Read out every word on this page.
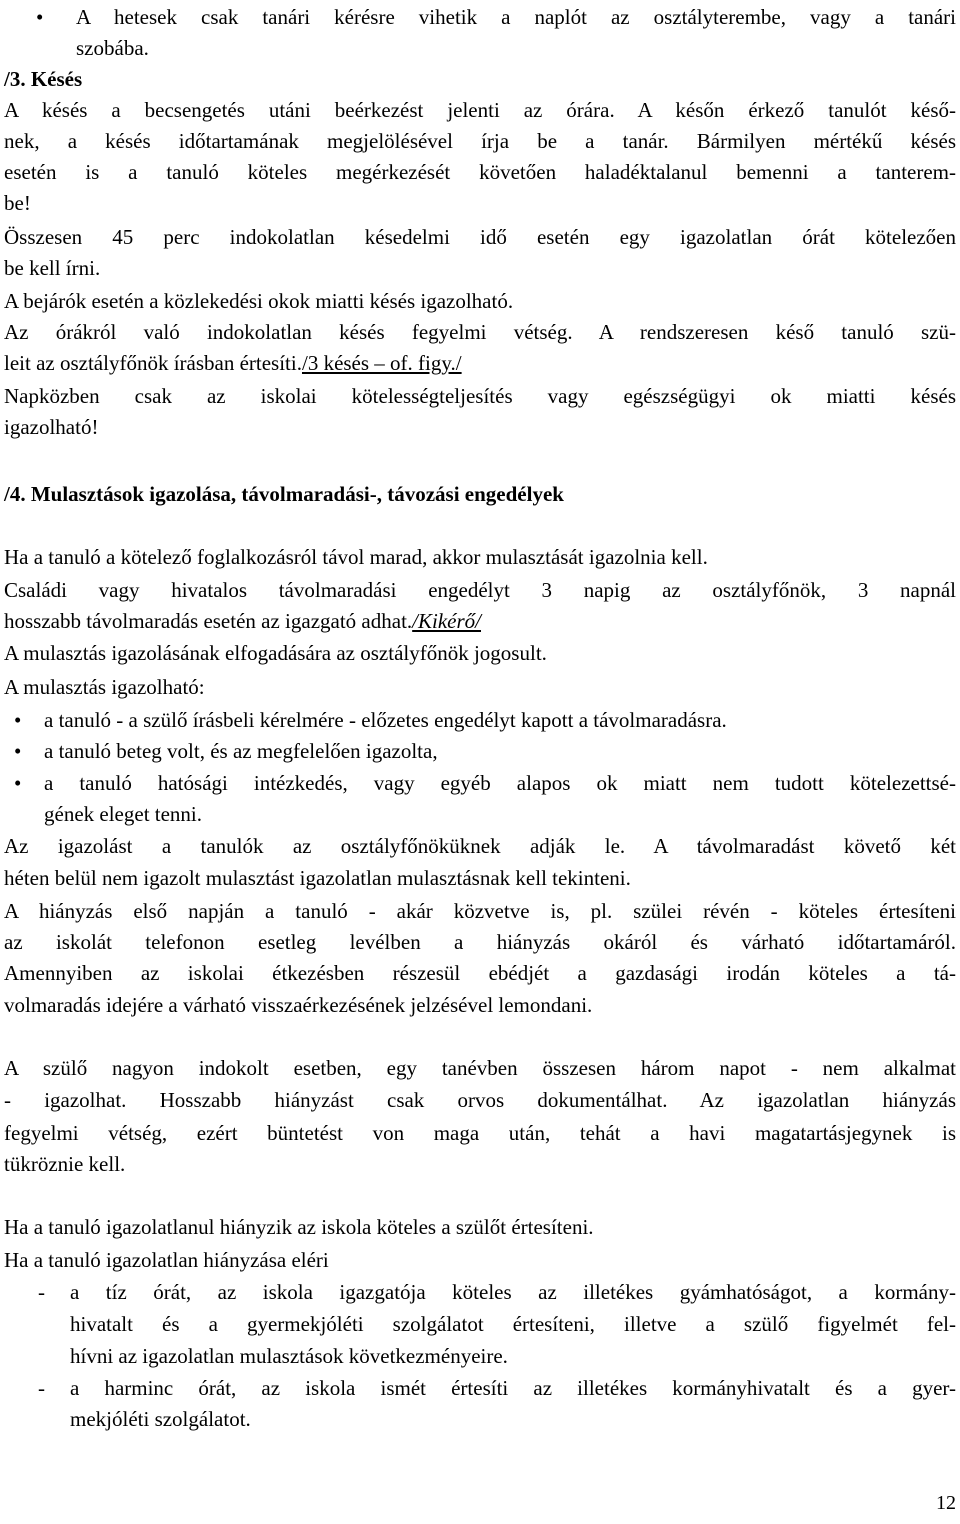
12
A hetesek csak tanári kérésre vihetik a naplót az osztályterembe, vagy a tanári
•
szobába.
/3. Késés
A késés a becsengetés utáni beérkezést jelenti az órára. A későn érkező tanulót késő-
nek, a késés időtartamának megjelölésével írja be a tanár. Bármilyen mértékű késés
esetén is a tanuló köteles megérkezését követően haladéktalanul bemenni a tanterem-
be!
Összesen 45 perc indokolatlan késedelmi idő esetén egy igazolatlan órát kötelezően
be kell írni.
A bejárók esetén a közlekedési okok miatti késés igazolható.
Az órákról való indokolatlan késés fegyelmi vétség. A rendszeresen késő tanuló szü-
leit az osztályfőnök írásban értesíti./3 késés – of. figy./
Napközben csak az iskolai kötelességteljesítés vagy egészségügyi ok miatti késés
igazolható!
/4. Mulasztások igazolása, távolmaradási-, távozási engedélyek
Ha a tanuló a kötelező foglalkozásról távol marad, akkor mulasztását igazolnia kell.
Családi vagy hivatalos távolmaradási engedélyt 3 napig az osztályfőnök, 3 napnál
hosszabb távolmaradás esetén az igazgató adhat./Kikérő/
A mulasztás igazolásának elfogadására az osztályfőnök jogosult.
A mulasztás igazolható:
a tanuló - a szülő írásbeli kérelmére - előzetes engedélyt kapott a távolmaradásra.
•
a tanuló beteg volt, és az megfelelően igazolta,
•
a tanuló hatósági intézkedés, vagy egyéb alapos ok miatt nem tudott kötelezettsé-
•
gének eleget tenni.
Az igazolást a tanulók az osztályfőnöküknek adják le. A távolmaradást követő két
héten belül nem igazolt mulasztást igazolatlan mulasztásnak kell tekinteni.
A hiányzás első napján a tanuló - akár közvetve is, pl. szülei révén - köteles értesíteni
az iskolát telefonon esetleg levélben a hiányzás okáról és várható időtartamáról.
Amennyiben az iskolai étkezésben részesül ebédjét a gazdasági irodán köteles a tá-
volmaradás idejére a várható visszaérkezésének jelzésével lemondani.
A szülő nagyon indokolt esetben, egy tanévben összesen három napot - nem alkalmat
- igazolhat. Hosszabb hiányzást csak orvos dokumentálhat. Az igazolatlan hiányzás
fegyelmi vétség, ezért büntetést von maga után, tehát a havi magatartásjegynek is
tükröznie kell.
Ha a tanuló igazolatlanul hiányzik az iskola köteles a szülőt értesíteni.
Ha a tanuló igazolatlan hiányzása eléri
a tíz órát, az iskola igazgatója köteles az illetékes gyámhatóságot, a kormány-
-
hivatalt és a gyermekjóléti szolgálatot értesíteni, illetve a szülő figyelmét fel-
hívni az igazolatlan mulasztások következményeire.
a harminc órát, az iskola ismét értesíti az illetékes kormányhivatalt és a gyer-
-
mekjóléti szolgálatot.
